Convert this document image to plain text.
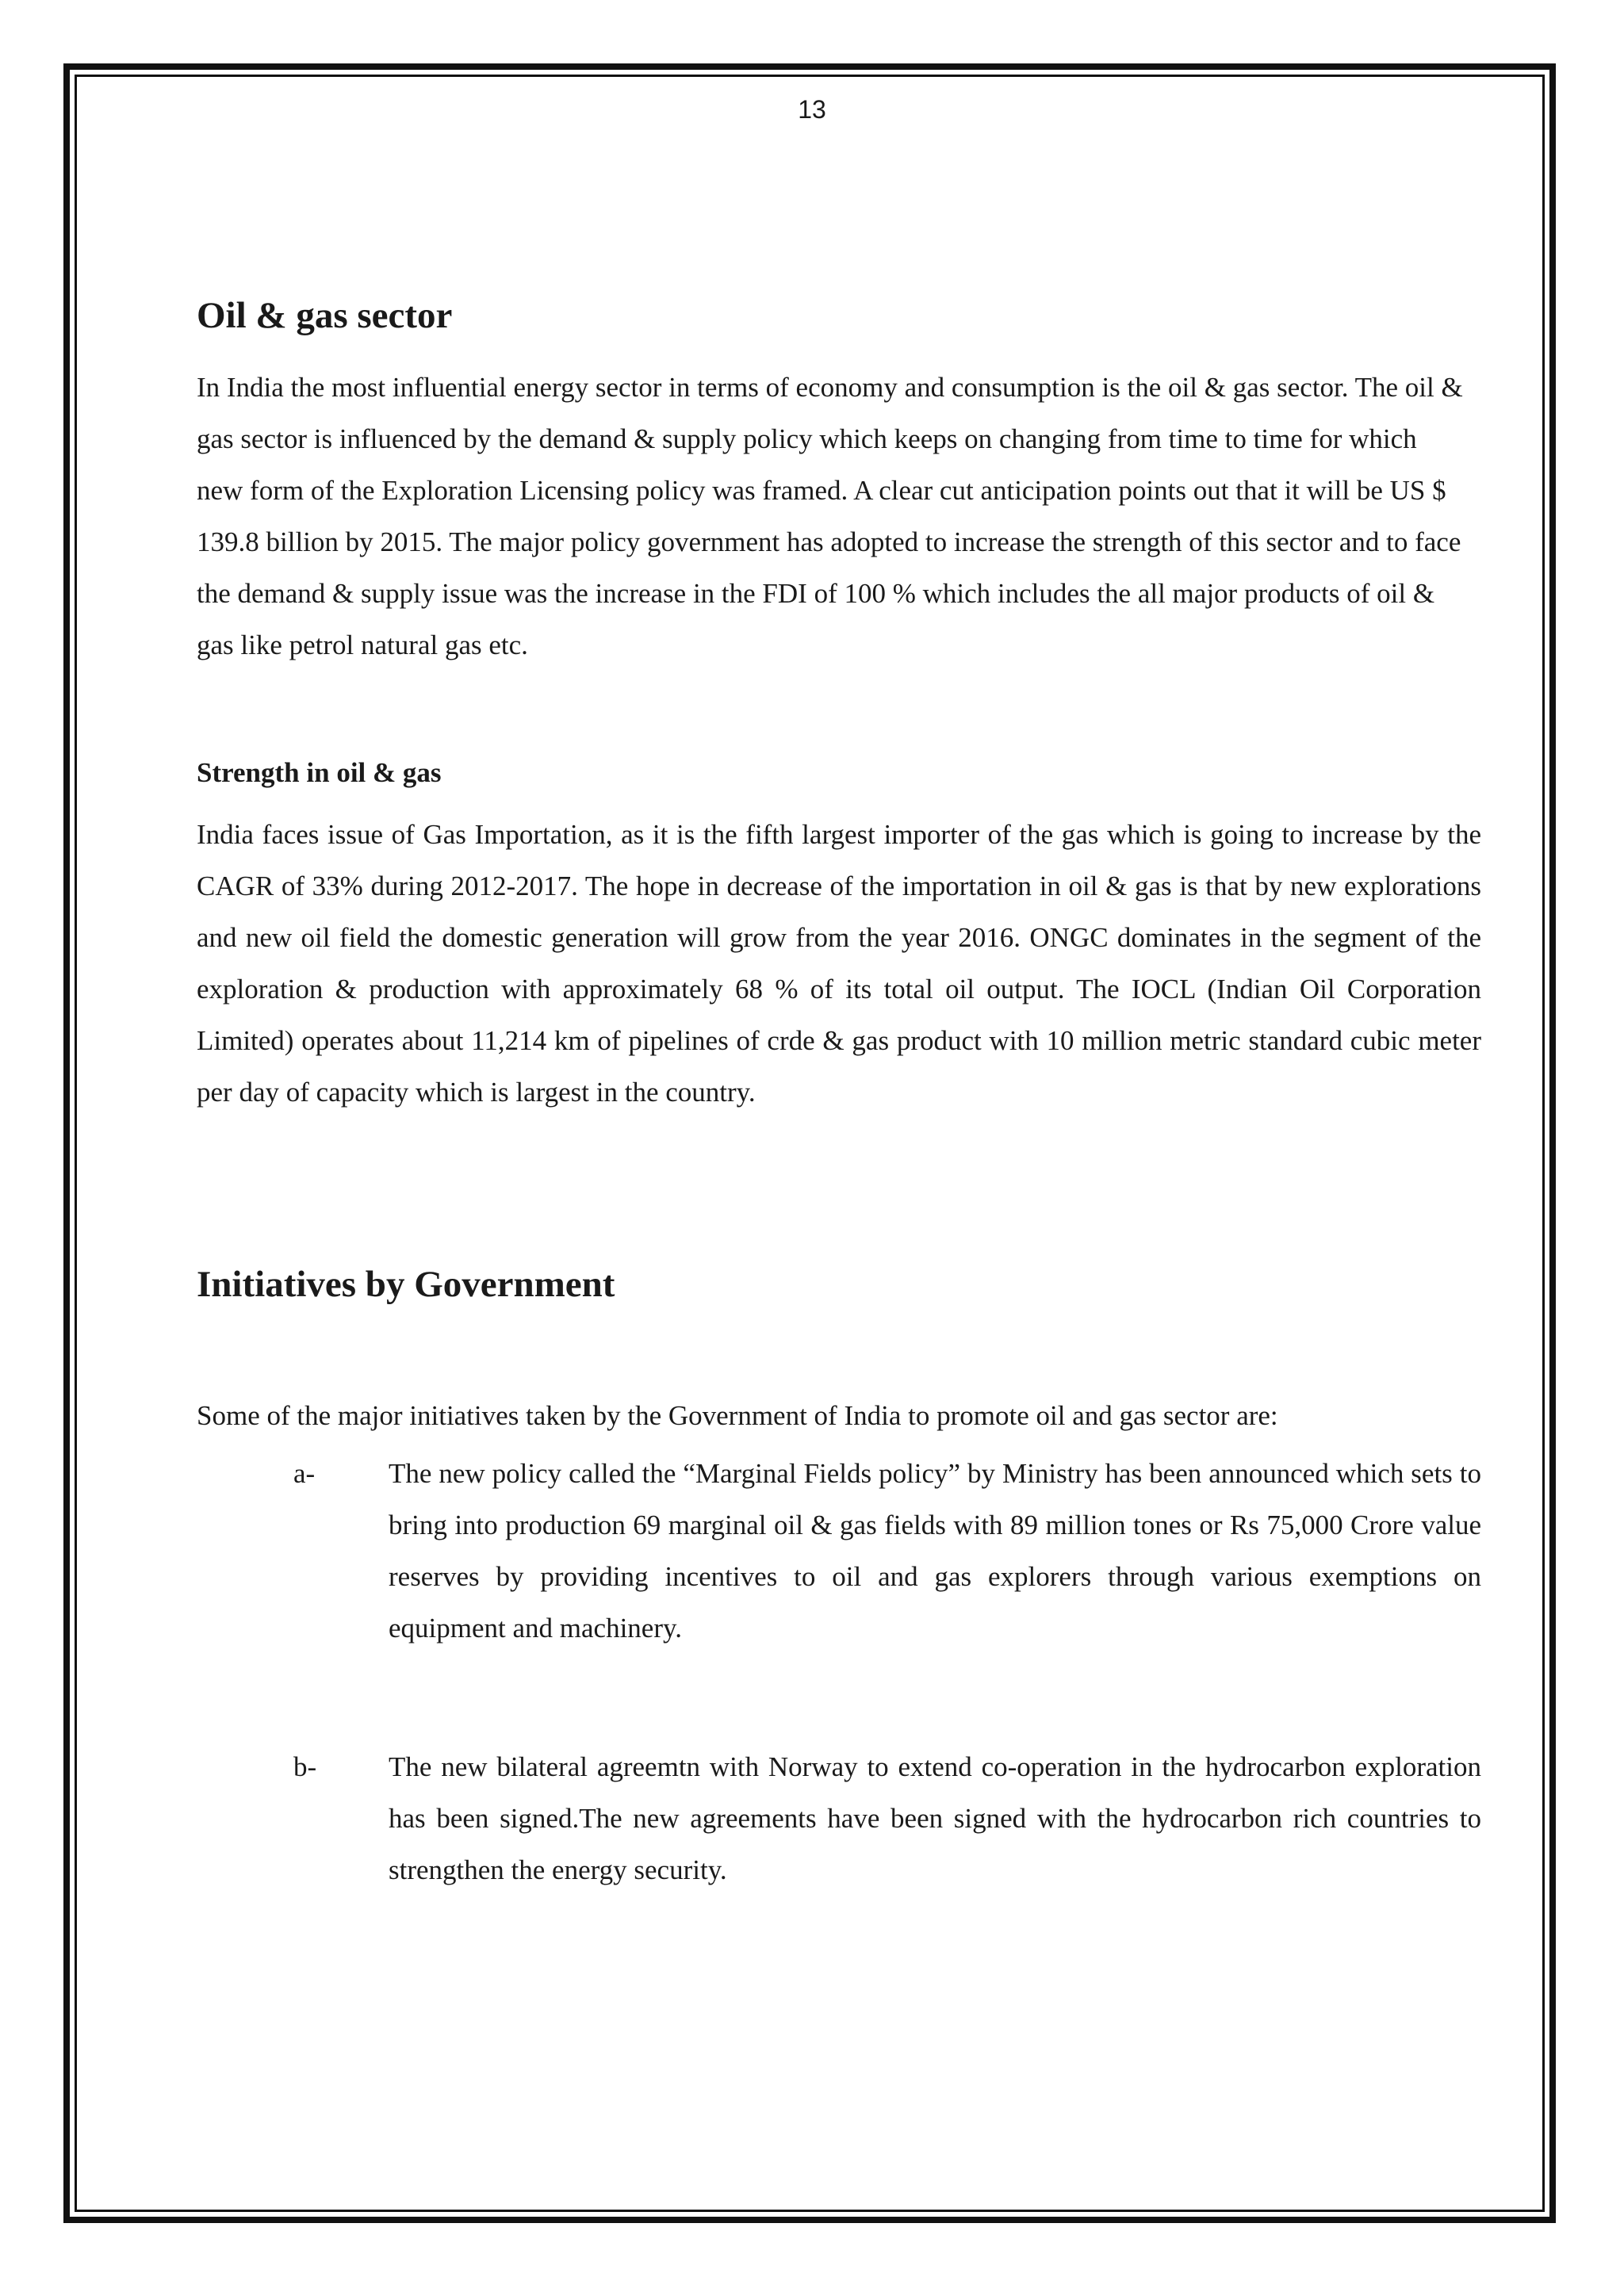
13
Oil & gas sector

In India the most influential energy sector in terms of economy and consumption is the oil & gas sector. The oil & gas sector is influenced by the demand & supply policy which keeps on changing from time to time for which new form of the Exploration Licensing policy was framed. A clear cut anticipation points out that it will be US $ 139.8 billion by 2015. The major policy government has adopted to increase the strength of this sector and to face the demand & supply issue was the increase in the FDI of 100 % which includes the all major products of oil & gas like petrol natural gas etc.

Strength in oil & gas

India faces issue of Gas Importation, as it is the fifth largest importer of the gas which is going to increase by the CAGR of 33% during 2012-2017. The hope in decrease of the importation in oil & gas is that by new explorations and new oil field the domestic generation will grow from the year 2016. ONGC dominates in the segment of the exploration & production with approximately 68 % of its total oil output. The IOCL (Indian Oil Corporation Limited) operates about 11,214 km of pipelines of crde & gas product with 10 million metric standard cubic meter per day of capacity which is largest in the country.

Initiatives by Government

Some of the major initiatives taken by the Government of India to promote oil and gas sector are:

a-	The new policy called the “Marginal Fields policy” by Ministry has been announced which sets to bring into production 69 marginal oil & gas fields with 89 million tones or Rs 75,000 Crore value reserves by providing incentives to oil and gas explorers through various exemptions on equipment and machinery.
b-	The new bilateral agreemtn with Norway to extend co-operation in the hydrocarbon exploration has been signed.The new agreements have been signed with the hydrocarbon rich countries to strengthen the energy security.
